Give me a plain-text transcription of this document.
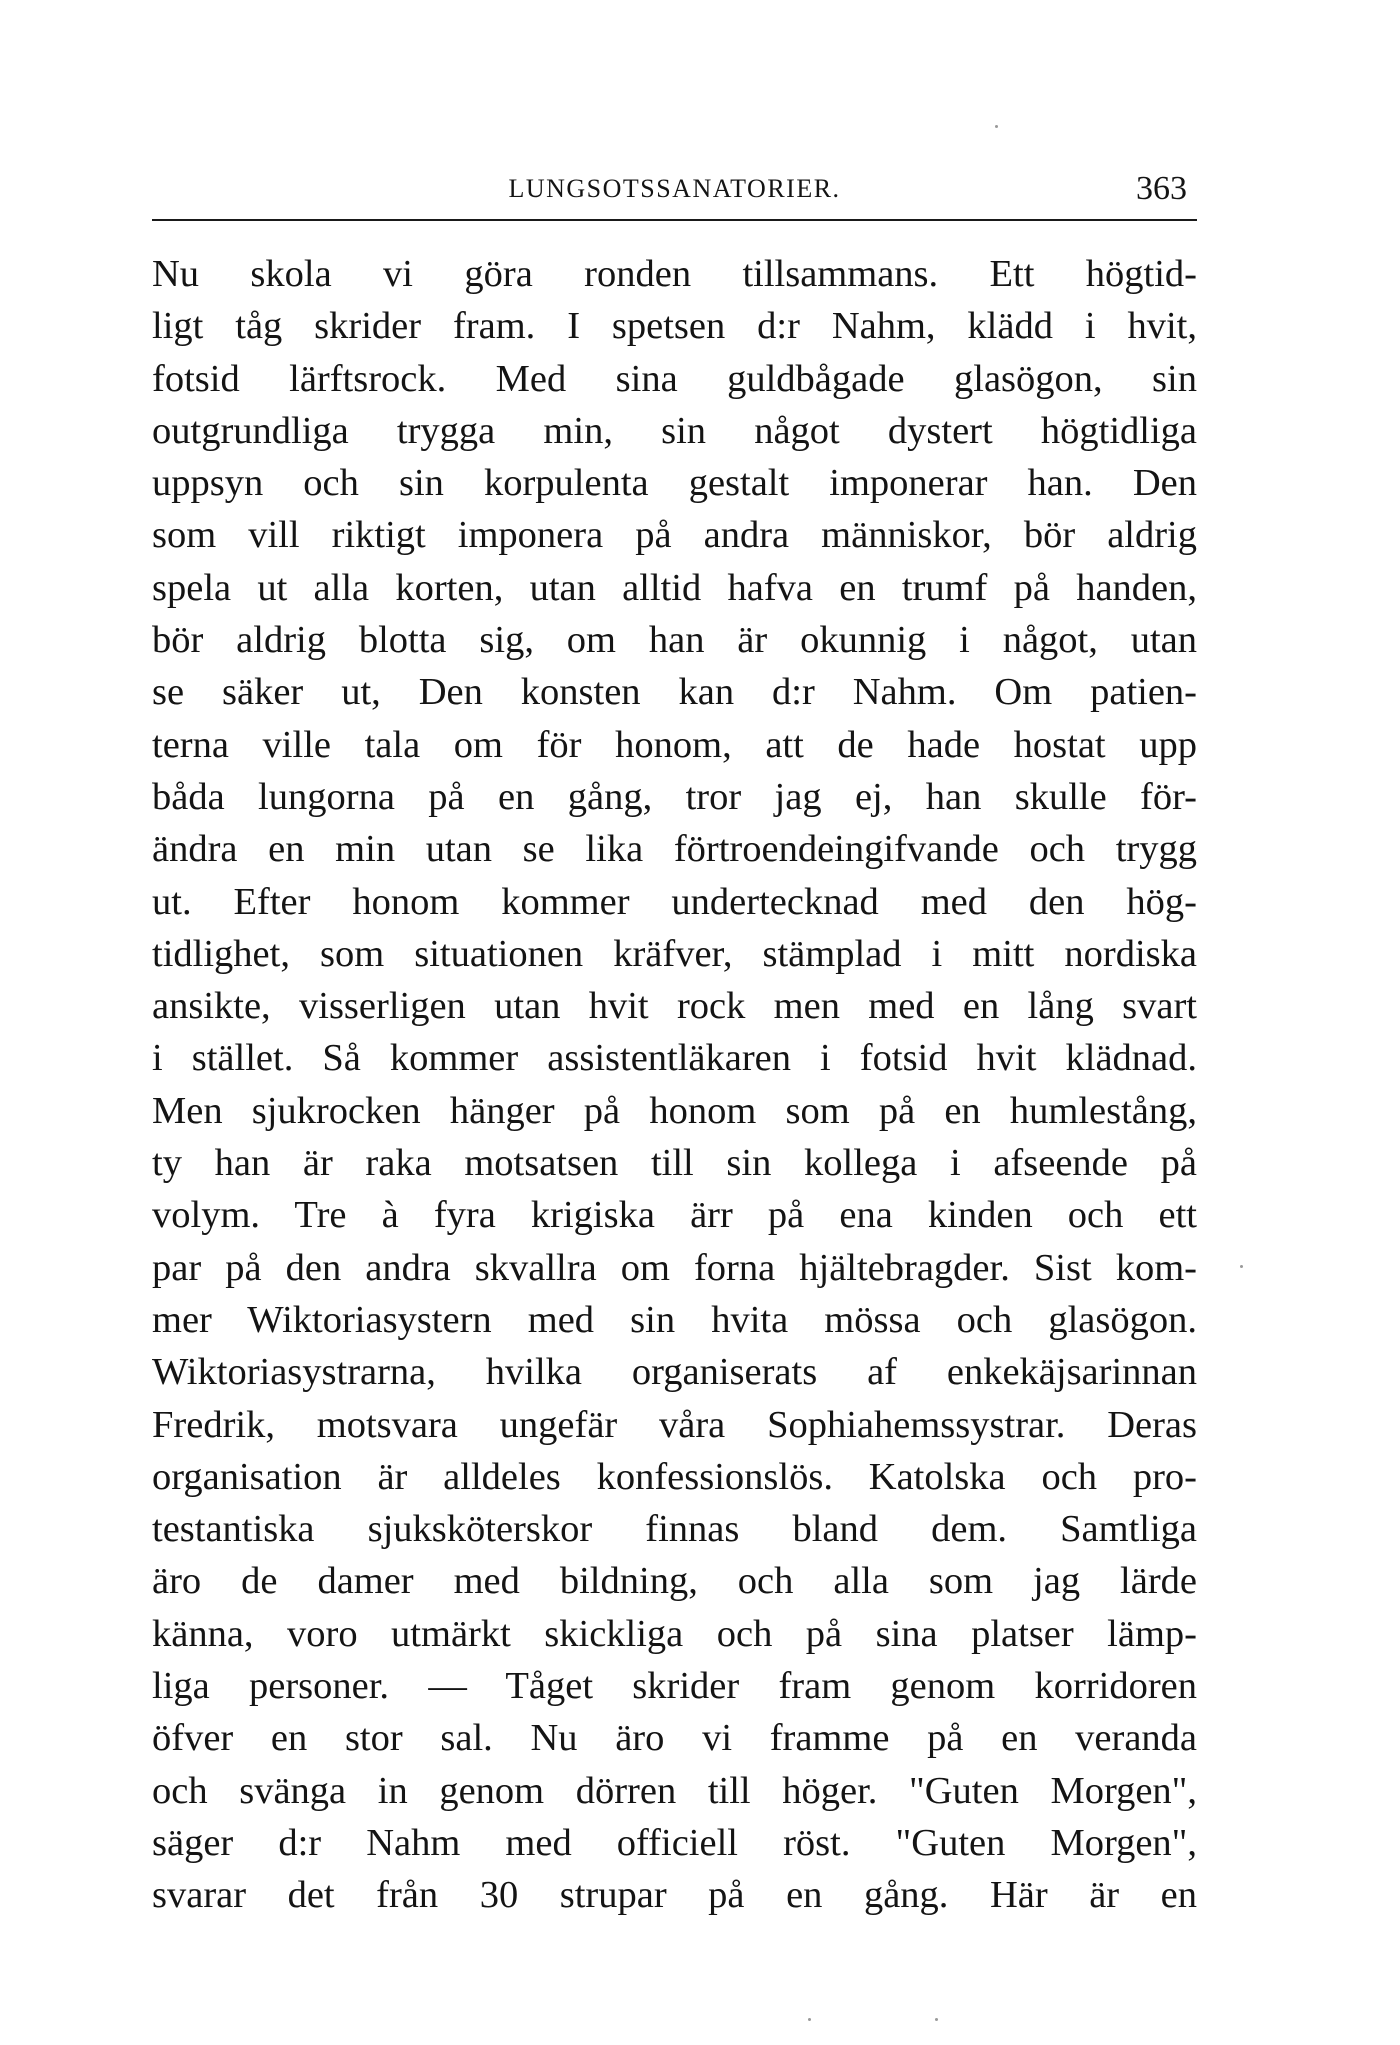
LUNGSOTSSANATORIER.	363
Nu skola vi göra ronden tillsammans. Ett högtid-
ligt tåg skrider fram. I spetsen d:r Nahm, klädd i hvit,
fotsid lärftsrock. Med sina guldbågade glasögon, sin
outgrundliga trygga min, sin något dystert högtidliga
uppsyn och sin korpulenta gestalt imponerar han. Den
som vill riktigt imponera på andra människor, bör aldrig
spela ut alla korten, utan alltid hafva en trumf på handen,
bör aldrig blotta sig, om han är okunnig i något, utan
se säker ut, Den konsten kan d:r Nahm. Om patien-
terna ville tala om för honom, att de hade hostat upp
båda lungorna på en gång, tror jag ej, han skulle för-
ändra en min utan se lika förtroendeingifvande och trygg
ut. Efter honom kommer undertecknad med den hög-
tidlighet, som situationen kräfver, stämplad i mitt nordiska
ansikte, visserligen utan hvit rock men med en lång svart
i stället. Så kommer assistentläkaren i fotsid hvit klädnad.
Men sjukrocken hänger på honom som på en humlestång,
ty han är raka motsatsen till sin kollega i afseende på
volym. Tre à fyra krigiska ärr på ena kinden och ett
par på den andra skvallra om forna hjältebragder. Sist kom-
mer Wiktoriasystern med sin hvita mössa och glasögon.
Wiktoriasystrarna, hvilka organiserats af enkekäjsarinnan
Fredrik, motsvara ungefär våra Sophiahemssystrar. Deras
organisation är alldeles konfessionslös. Katolska och pro-
testantiska sjuksköterskor finnas bland dem. Samtliga
äro de damer med bildning, och alla som jag lärde
känna, voro utmärkt skickliga och på sina platser lämp-
liga personer. — Tåget skrider fram genom korridoren
öfver en stor sal. Nu äro vi framme på en veranda
och svänga in genom dörren till höger. "Guten Morgen",
säger d:r Nahm med officiell röst. "Guten Morgen",
svarar det från 30 strupar på en gång. Här är en
